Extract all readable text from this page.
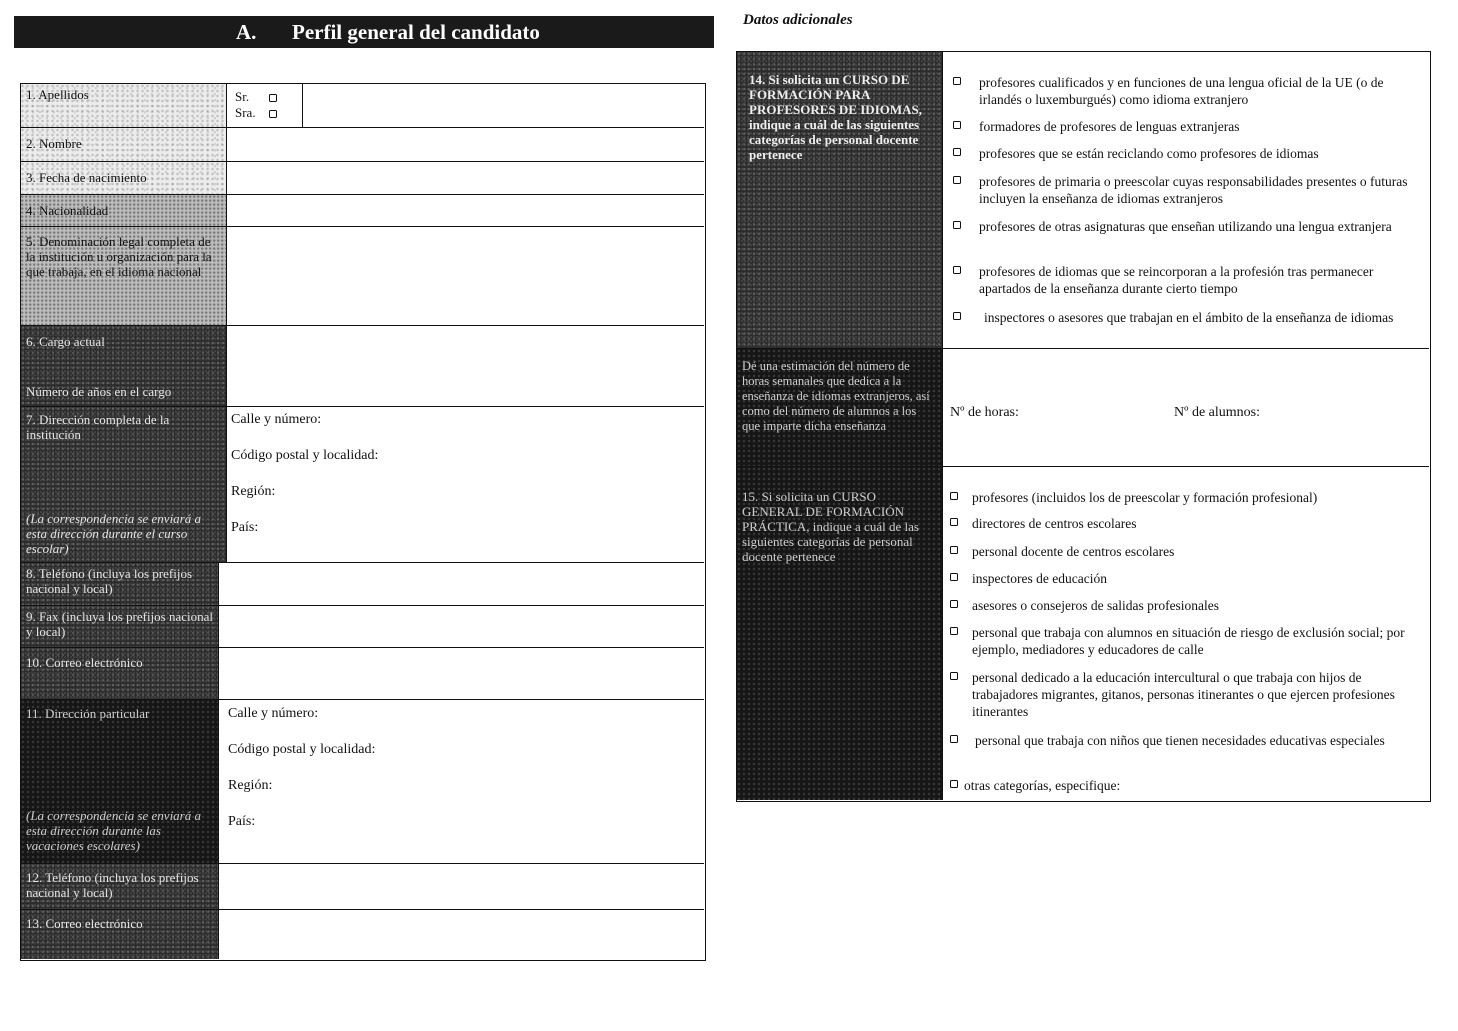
A. Perfil general del candidato
1. Apellidos	Sr.
Sra.
2. Nombre
3. Fecha de nacimiento
4. Nacionalidad
5. Denominación legal completa de la institución u organización para la que trabaja, en el idioma nacional
6. Cargo actual
Número de años en el cargo
7. Dirección completa de la institución
(La correspondencia se enviará a esta dirección durante el curso escolar)
Calle y número:
Código postal y localidad:
Región:
País:
8. Teléfono (incluya los prefijos nacional y local)
9. Fax (incluya los prefijos nacional y local)
10. Correo electrónico
11. Dirección particular
(La correspondencia se enviará a esta dirección durante las vacaciones escolares)
Calle y número:
Código postal y localidad:
Región:
País:
12. Teléfono (incluya los prefijos nacional y local)
13. Correo electrónico
Datos adicionales
14. Si solicita un CURSO DE FORMACIÓN PARA PROFESORES DE IDIOMAS, indique a cuál de las siguientes categorías de personal docente pertenece
profesores cualificados y en funciones de una lengua oficial de la UE (o de irlandés o luxemburgués) como idioma extranjero
formadores de profesores de lenguas extranjeras
profesores que se están reciclando como profesores de idiomas
profesores de primaria o preescolar cuyas responsabilidades presentes o futuras incluyen la enseñanza de idiomas extranjeros
profesores de otras asignaturas que enseñan utilizando una lengua extranjera
profesores de idiomas que se reincorporan a la profesión tras permanecer apartados de la enseñanza durante cierto tiempo
inspectores o asesores que trabajan en el ámbito de la enseñanza de idiomas
Dé una estimación del número de horas semanales que dedica a la enseñanza de idiomas extranjeros, así como del número de alumnos a los que imparte dicha enseñanza
Nº de horas:	Nº de alumnos:
15. Si solicita un CURSO GENERAL DE FORMACIÓN PRÁCTICA, indique a cuál de las siguientes categorías de personal docente pertenece
profesores (incluidos los de preescolar y formación profesional)
directores de centros escolares
personal docente de centros escolares
inspectores de educación
asesores o consejeros de salidas profesionales
personal que trabaja con alumnos en situación de riesgo de exclusión social; por ejemplo, mediadores y educadores de calle
personal dedicado a la educación intercultural o que trabaja con hijos de trabajadores migrantes, gitanos, personas itinerantes o que ejercen profesiones itinerantes
personal que trabaja con niños que tienen necesidades educativas especiales
otras categorías, especifique:
